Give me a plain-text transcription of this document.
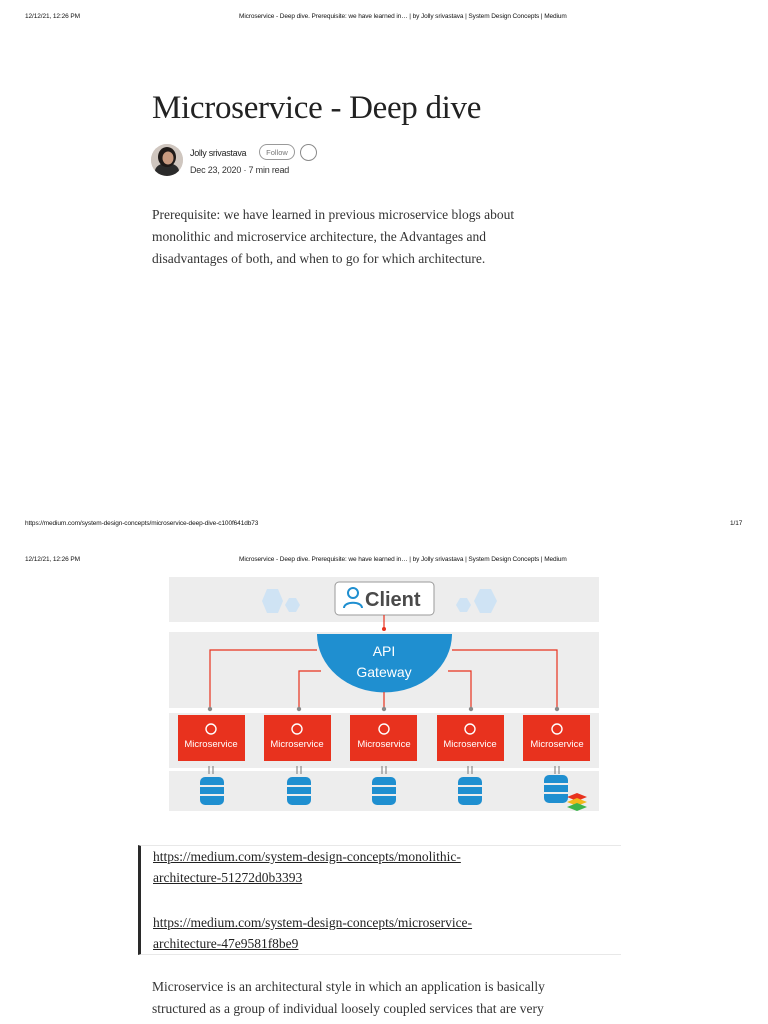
12/12/21, 12:26 PM	Microservice - Deep dive. Prerequisite: we have learned in… | by Jolly srivastava | System Design Concepts | Medium
Microservice - Deep dive
Jolly srivastava	Follow
Dec 23, 2020 · 7 min read

Prerequisite: we have learned in previous microservice blogs about

monolithic and microservice architecture, the Advantages and

disadvantages of both, and when to go for which architecture.

https://medium.com/system-design-concepts/microservice-deep-dive-c100f641db73	1/17
12/12/21, 12:26 PM	Microservice - Deep dive. Prerequisite: we have learned in… | by Jolly srivastava | System Design Concepts | Medium
Client
API
Gateway
Microservice	Microservice	Microservice	Microservice	Microservice
https://medium.com/system-design-concepts/monolithic-
architecture-51272d0b3393
https://medium.com/system-design-concepts/microservice-
architecture-47e9581f8be9

Microservice is an architectural style in which an application is basically

structured as a group of individual loosely coupled services that are very
